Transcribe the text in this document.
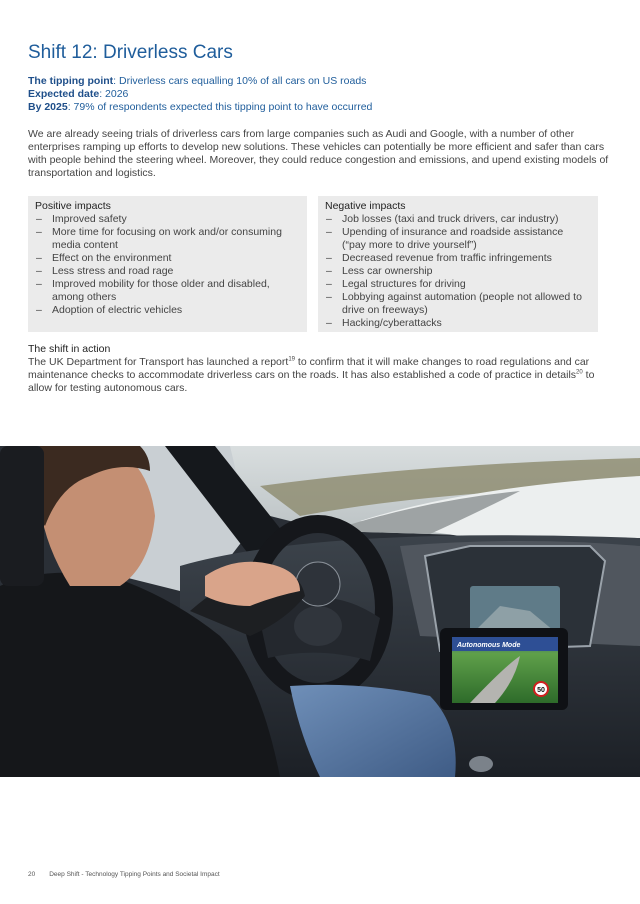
Shift 12: Driverless Cars
The tipping point: Driverless cars equalling 10% of all cars on US roads
Expected date: 2026
By 2025: 79% of respondents expected this tipping point to have occurred

We are already seeing trials of driverless cars from large companies such as Audi and Google, with a number of other enterprises ramping up efforts to develop new solutions. These vehicles can potentially be more efficient and safer than cars with people behind the steering wheel. Moreover, they could reduce congestion and emissions, and upend existing models of transportation and logistics.

Positive impacts
– Improved safety
– More time for focusing on work and/or consuming media content
– Effect on the environment
– Less stress and road rage
– Improved mobility for those older and disabled, among others
– Adoption of electric vehicles
Negative impacts
– Job losses (taxi and truck drivers, car industry)
– Upending of insurance and roadside assistance (“pay more to drive yourself”)
– Decreased revenue from traffic infringements
– Less car ownership
– Legal structures for driving
– Lobbying against automation (people not allowed to drive on freeways)
– Hacking/cyberattacks
The shift in action

The UK Department for Transport has launched a report$^{19}$ to confirm that it will make changes to road regulations and car maintenance checks to accommodate driverless cars on the roads. It has also established a code of practice in details$^{20}$ to allow for testing autonomous cars.

Autonomous Mode
50
20 Deep Shift - Technology Tipping Points and Societal Impact
